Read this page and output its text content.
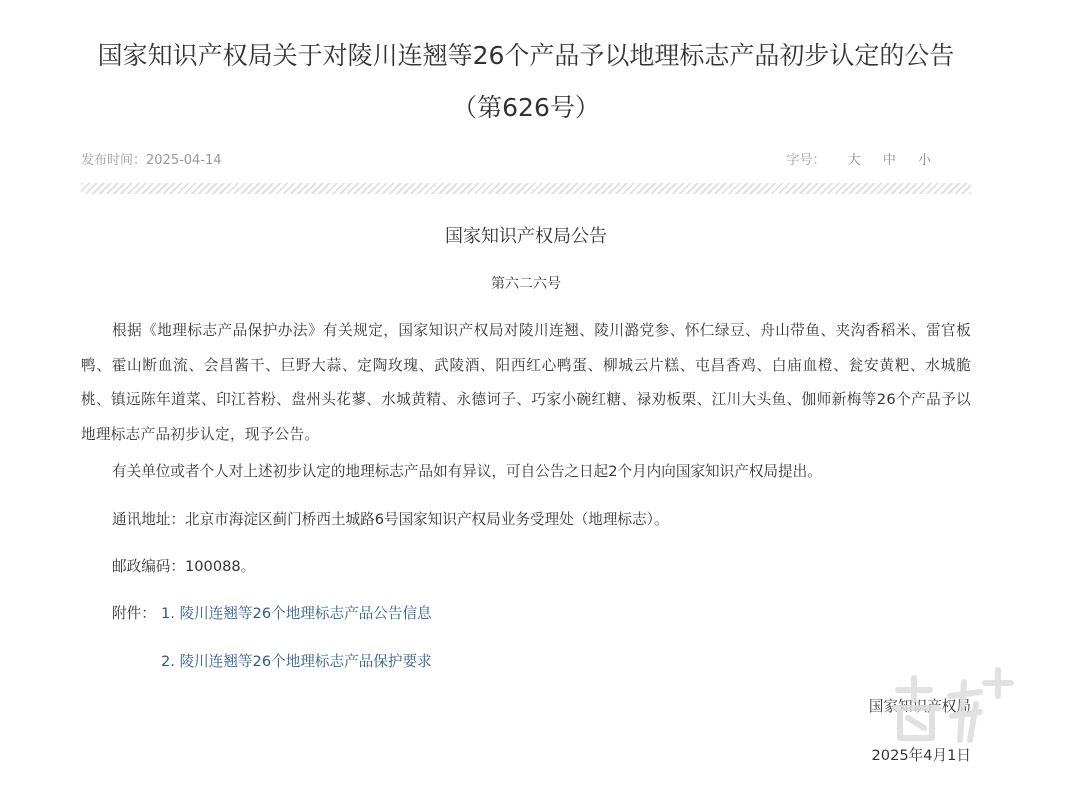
国家知识产权局关于对陵川连翘等26个产品予以地理标志产品初步认定的公告
（第626号）
发布时间：2025-04-14	字号： 大 中 小
国家知识产权局公告
第六二六号

根据《地理标志产品保护办法》有关规定，国家知识产权局对陵川连翘、陵川潞党参、怀仁绿豆、舟山带鱼、夹沟香稻米、雷官板鸭、霍山断血流、会昌酱干、巨野大蒜、定陶玫瑰、武陵酒、阳西红心鸭蛋、柳城云片糕、屯昌香鸡、白庙血橙、瓮安黄粑、水城脆桃、镇远陈年道菜、印江苔粉、盘州头花蓼、水城黄精、永德诃子、巧家小碗红糖、禄劝板栗、江川大头鱼、伽师新梅等26个产品予以地理标志产品初步认定，现予公告。

有关单位或者个人对上述初步认定的地理标志产品如有异议，可自公告之日起2个月内向国家知识产权局提出。

通讯地址：北京市海淀区蓟门桥西土城路6号国家知识产权局业务受理处（地理标志）。

邮政编码：100088。

附件： 1. 陵川连翘等26个地理标志产品公告信息
2. 陵川连翘等26个地理标志产品保护要求
国家知识产权局
2025年4月1日
